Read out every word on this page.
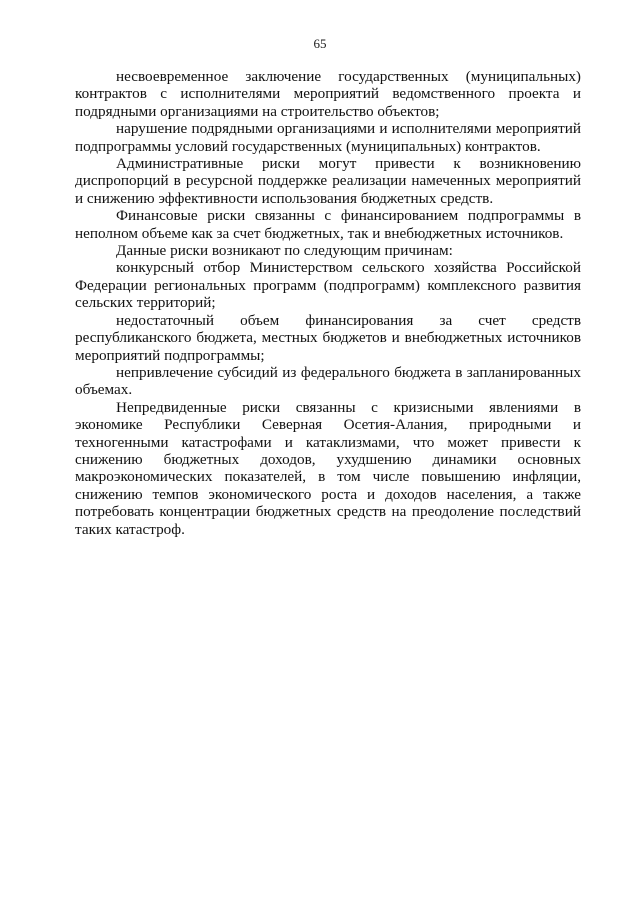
65

несвоевременное заключение государственных (муниципальных) контрактов с исполнителями мероприятий ведомственного проекта и подрядными организациями на строительство объектов;

нарушение подрядными организациями и исполнителями мероприятий подпрограммы условий государственных (муниципальных) контрактов.

Административные риски могут привести к возникновению диспропорций в ресурсной поддержке реализации намеченных мероприятий и снижению эффективности использования бюджетных средств.

Финансовые риски связанны с финансированием подпрограммы в неполном объеме как за счет бюджетных, так и внебюджетных источников.

Данные риски возникают по следующим причинам:

конкурсный отбор Министерством сельского хозяйства Российской Федерации региональных программ (подпрограмм) комплексного развития сельских территорий;

недостаточный объем финансирования за счет средств республиканского бюджета, местных бюджетов и внебюджетных источников мероприятий подпрограммы;

непривлечение субсидий из федерального бюджета в запланированных объемах.

Непредвиденные риски связанны с кризисными явлениями в экономике Республики Северная Осетия-Алания, природными и техногенными катастрофами и катаклизмами, что может привести к снижению бюджетных доходов, ухудшению динамики основных макроэкономических показателей, в том числе повышению инфляции, снижению темпов экономического роста и доходов населения, а также потребовать концентрации бюджетных средств на преодоление последствий таких катастроф.
